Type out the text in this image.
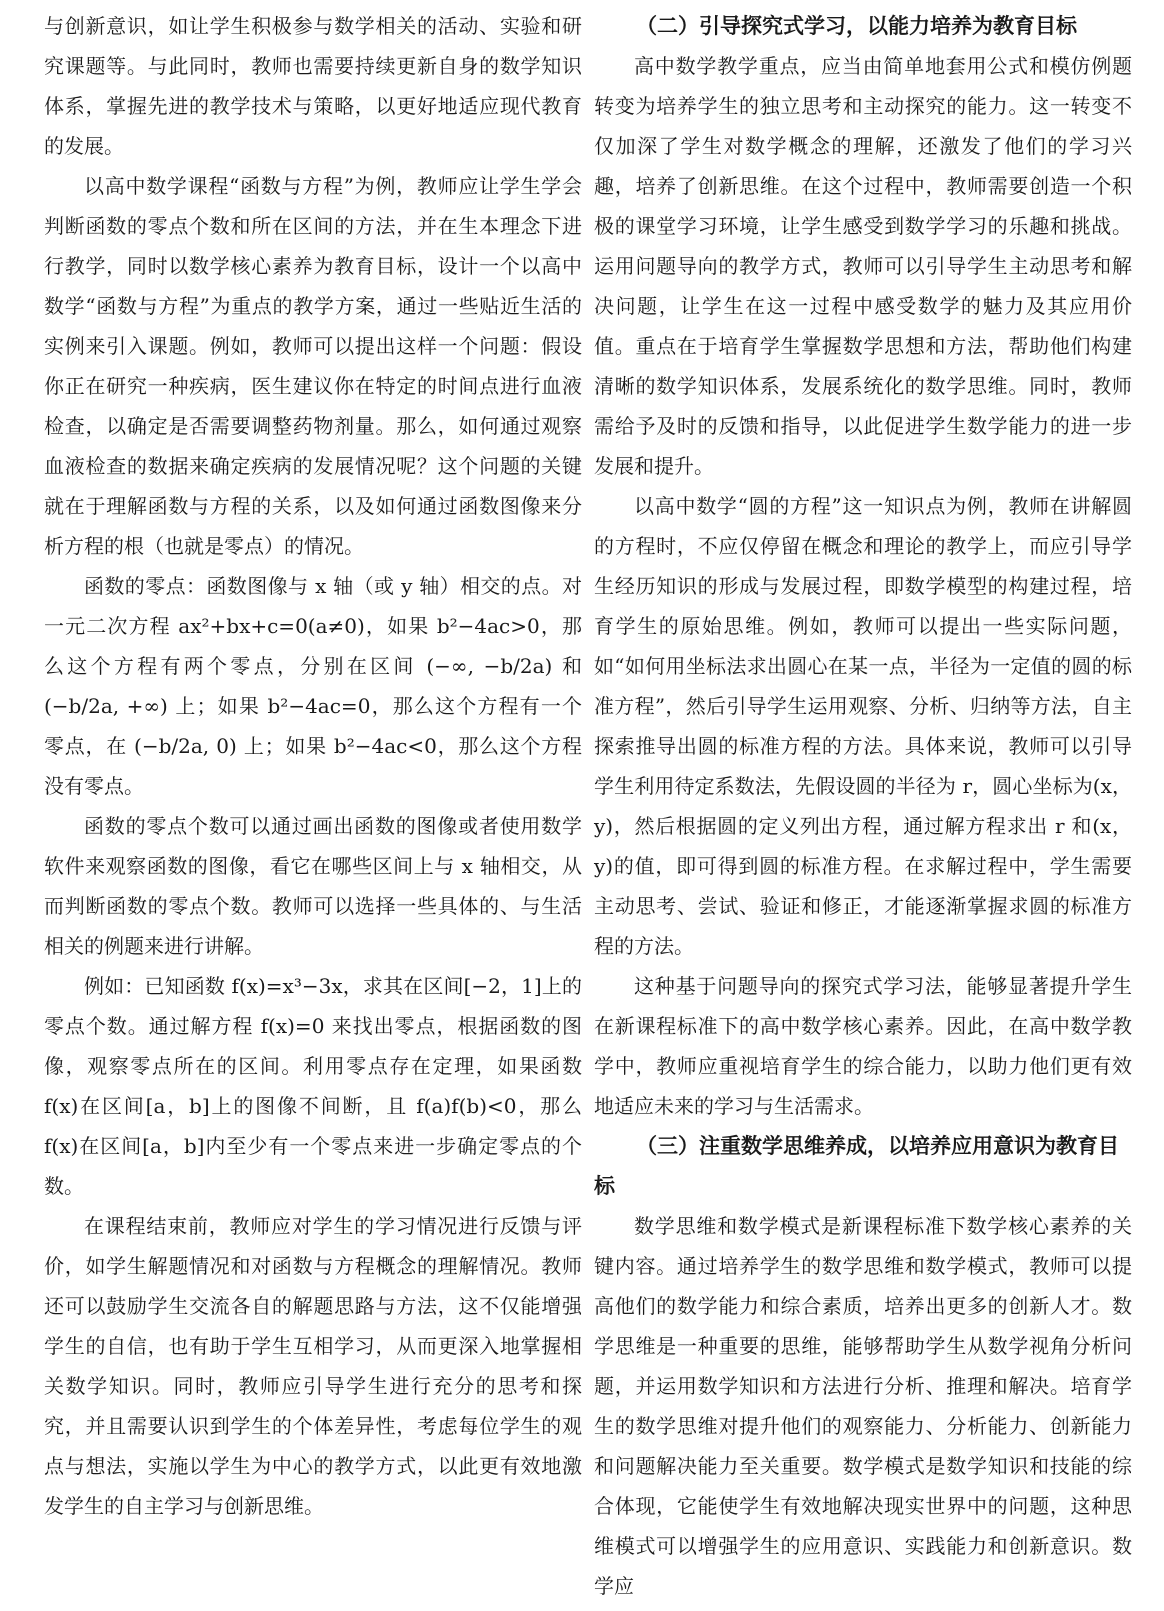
与创新意识，如让学生积极参与数学相关的活动、实验和研究课题等。与此同时，教师也需要持续更新自身的数学知识体系，掌握先进的教学技术与策略，以更好地适应现代教育的发展。

以高中数学课程“函数与方程”为例，教师应让学生学会判断函数的零点个数和所在区间的方法，并在生本理念下进行教学，同时以数学核心素养为教育目标，设计一个以高中数学“函数与方程”为重点的教学方案，通过一些贴近生活的实例来引入课题。例如，教师可以提出这样一个问题：假设你正在研究一种疾病，医生建议你在特定的时间点进行血液检查，以确定是否需要调整药物剂量。那么，如何通过观察血液检查的数据来确定疾病的发展情况呢？这个问题的关键就在于理解函数与方程的关系，以及如何通过函数图像来分析方程的根（也就是零点）的情况。

函数的零点：函数图像与 x 轴（或 y 轴）相交的点。对一元二次方程 ax²+bx+c=0(a≠0)，如果 b²−4ac>0，那么这个方程有两个零点，分别在区间 (−∞, −b/2a) 和 (−b/2a, +∞) 上；如果 b²−4ac=0，那么这个方程有一个零点，在 (−b/2a, 0) 上；如果 b²−4ac<0，那么这个方程没有零点。

函数的零点个数可以通过画出函数的图像或者使用数学软件来观察函数的图像，看它在哪些区间上与 x 轴相交，从而判断函数的零点个数。教师可以选择一些具体的、与生活相关的例题来进行讲解。

例如：已知函数 f(x)=x³−3x，求其在区间[−2，1]上的零点个数。通过解方程 f(x)=0 来找出零点，根据函数的图像，观察零点所在的区间。利用零点存在定理，如果函数 f(x)在区间[a，b]上的图像不间断，且 f(a)f(b)<0，那么 f(x)在区间[a，b]内至少有一个零点来进一步确定零点的个数。

在课程结束前，教师应对学生的学习情况进行反馈与评价，如学生解题情况和对函数与方程概念的理解情况。教师还可以鼓励学生交流各自的解题思路与方法，这不仅能增强学生的自信，也有助于学生互相学习，从而更深入地掌握相关数学知识。同时，教师应引导学生进行充分的思考和探究，并且需要认识到学生的个体差异性，考虑每位学生的观点与想法，实施以学生为中心的教学方式，以此更有效地激发学生的自主学习与创新思维。

（二）引导探究式学习，以能力培养为教育目标

高中数学教学重点，应当由简单地套用公式和模仿例题转变为培养学生的独立思考和主动探究的能力。这一转变不仅加深了学生对数学概念的理解，还激发了他们的学习兴趣，培养了创新思维。在这个过程中，教师需要创造一个积极的课堂学习环境，让学生感受到数学学习的乐趣和挑战。运用问题导向的教学方式，教师可以引导学生主动思考和解决问题，让学生在这一过程中感受数学的魅力及其应用价值。重点在于培育学生掌握数学思想和方法，帮助他们构建清晰的数学知识体系，发展系统化的数学思维。同时，教师需给予及时的反馈和指导，以此促进学生数学能力的进一步发展和提升。

以高中数学“圆的方程”这一知识点为例，教师在讲解圆的方程时，不应仅停留在概念和理论的教学上，而应引导学生经历知识的形成与发展过程，即数学模型的构建过程，培育学生的原始思维。例如，教师可以提出一些实际问题，如“如何用坐标法求出圆心在某一点，半径为一定值的圆的标准方程”，然后引导学生运用观察、分析、归纳等方法，自主探索推导出圆的标准方程的方法。具体来说，教师可以引导学生利用待定系数法，先假设圆的半径为 r，圆心坐标为(x，y)，然后根据圆的定义列出方程，通过解方程求出 r 和(x，y)的值，即可得到圆的标准方程。在求解过程中，学生需要主动思考、尝试、验证和修正，才能逐渐掌握求圆的标准方程的方法。

这种基于问题导向的探究式学习法，能够显著提升学生在新课程标准下的高中数学核心素养。因此，在高中数学教学中，教师应重视培育学生的综合能力，以助力他们更有效地适应未来的学习与生活需求。

（三）注重数学思维养成，以培养应用意识为教育目标

数学思维和数学模式是新课程标准下数学核心素养的关键内容。通过培养学生的数学思维和数学模式，教师可以提高他们的数学能力和综合素质，培养出更多的创新人才。数学思维是一种重要的思维，能够帮助学生从数学视角分析问题，并运用数学知识和方法进行分析、推理和解决。培育学生的数学思维对提升他们的观察能力、分析能力、创新能力和问题解决能力至关重要。数学模式是数学知识和技能的综合体现，它能使学生有效地解决现实世界中的问题，这种思维模式可以增强学生的应用意识、实践能力和创新意识。数学应
